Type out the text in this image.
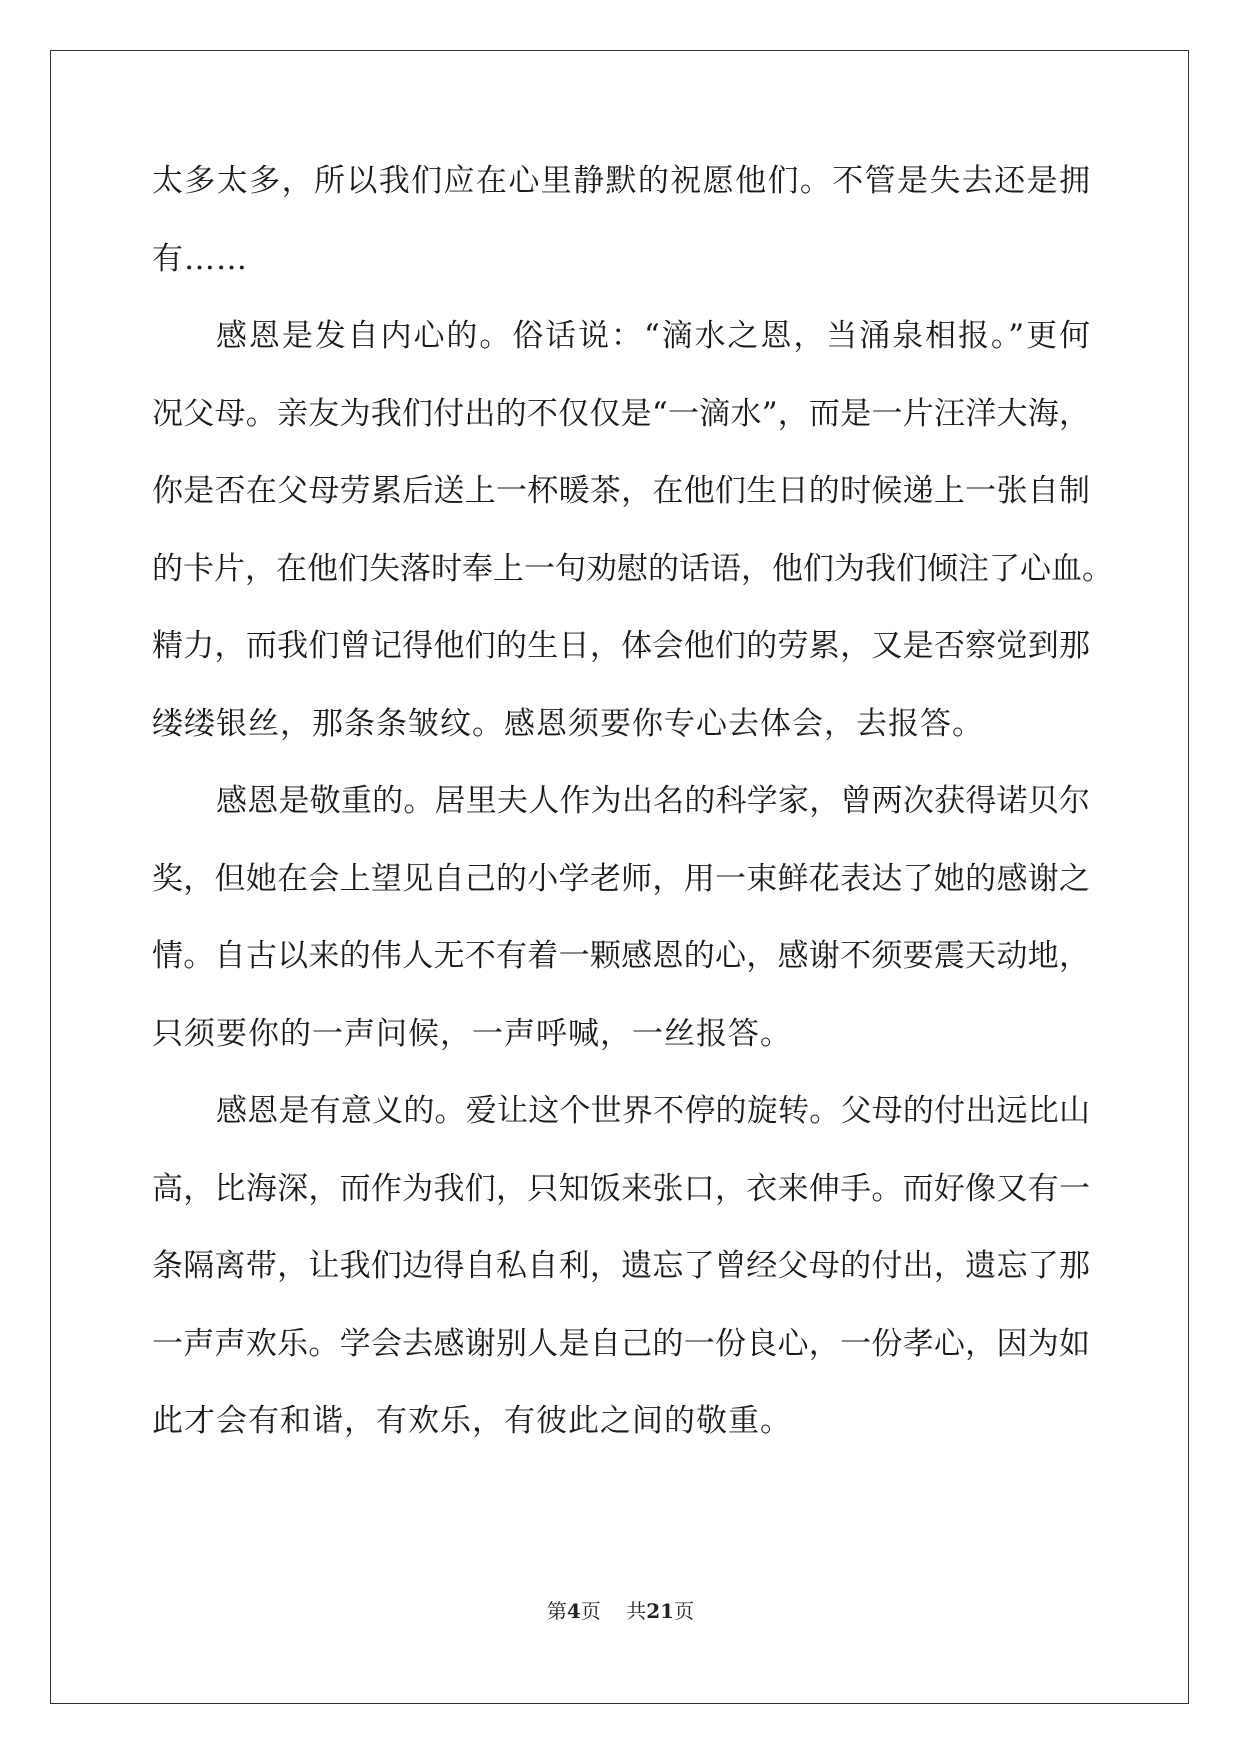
太多太多，所以我们应在心里静默的祝愿他们。不管是失去还是拥
有……
感恩是发自内心的。俗话说：“滴水之恩，当涌泉相报。”更何
况父母。亲友为我们付出的不仅仅是“一滴水”，而是一片汪洋大海，
你是否在父母劳累后送上一杯暖茶，在他们生日的时候递上一张自制
的卡片，在他们失落时奉上一句劝慰的话语，他们为我们倾注了心血。
精力，而我们曾记得他们的生日，体会他们的劳累，又是否察觉到那
缕缕银丝，那条条皱纹。感恩须要你专心去体会，去报答。
感恩是敬重的。居里夫人作为出名的科学家，曾两次获得诺贝尔
奖，但她在会上望见自己的小学老师，用一束鲜花表达了她的感谢之
情。自古以来的伟人无不有着一颗感恩的心，感谢不须要震天动地，
只须要你的一声问候，一声呼喊，一丝报答。
感恩是有意义的。爱让这个世界不停的旋转。父母的付出远比山
高，比海深，而作为我们，只知饭来张口，衣来伸手。而好像又有一
条隔离带，让我们边得自私自利，遗忘了曾经父母的付出，遗忘了那
一声声欢乐。学会去感谢别人是自己的一份良心，一份孝心，因为如
此才会有和谐，有欢乐，有彼此之间的敬重。
第4页 共21页
